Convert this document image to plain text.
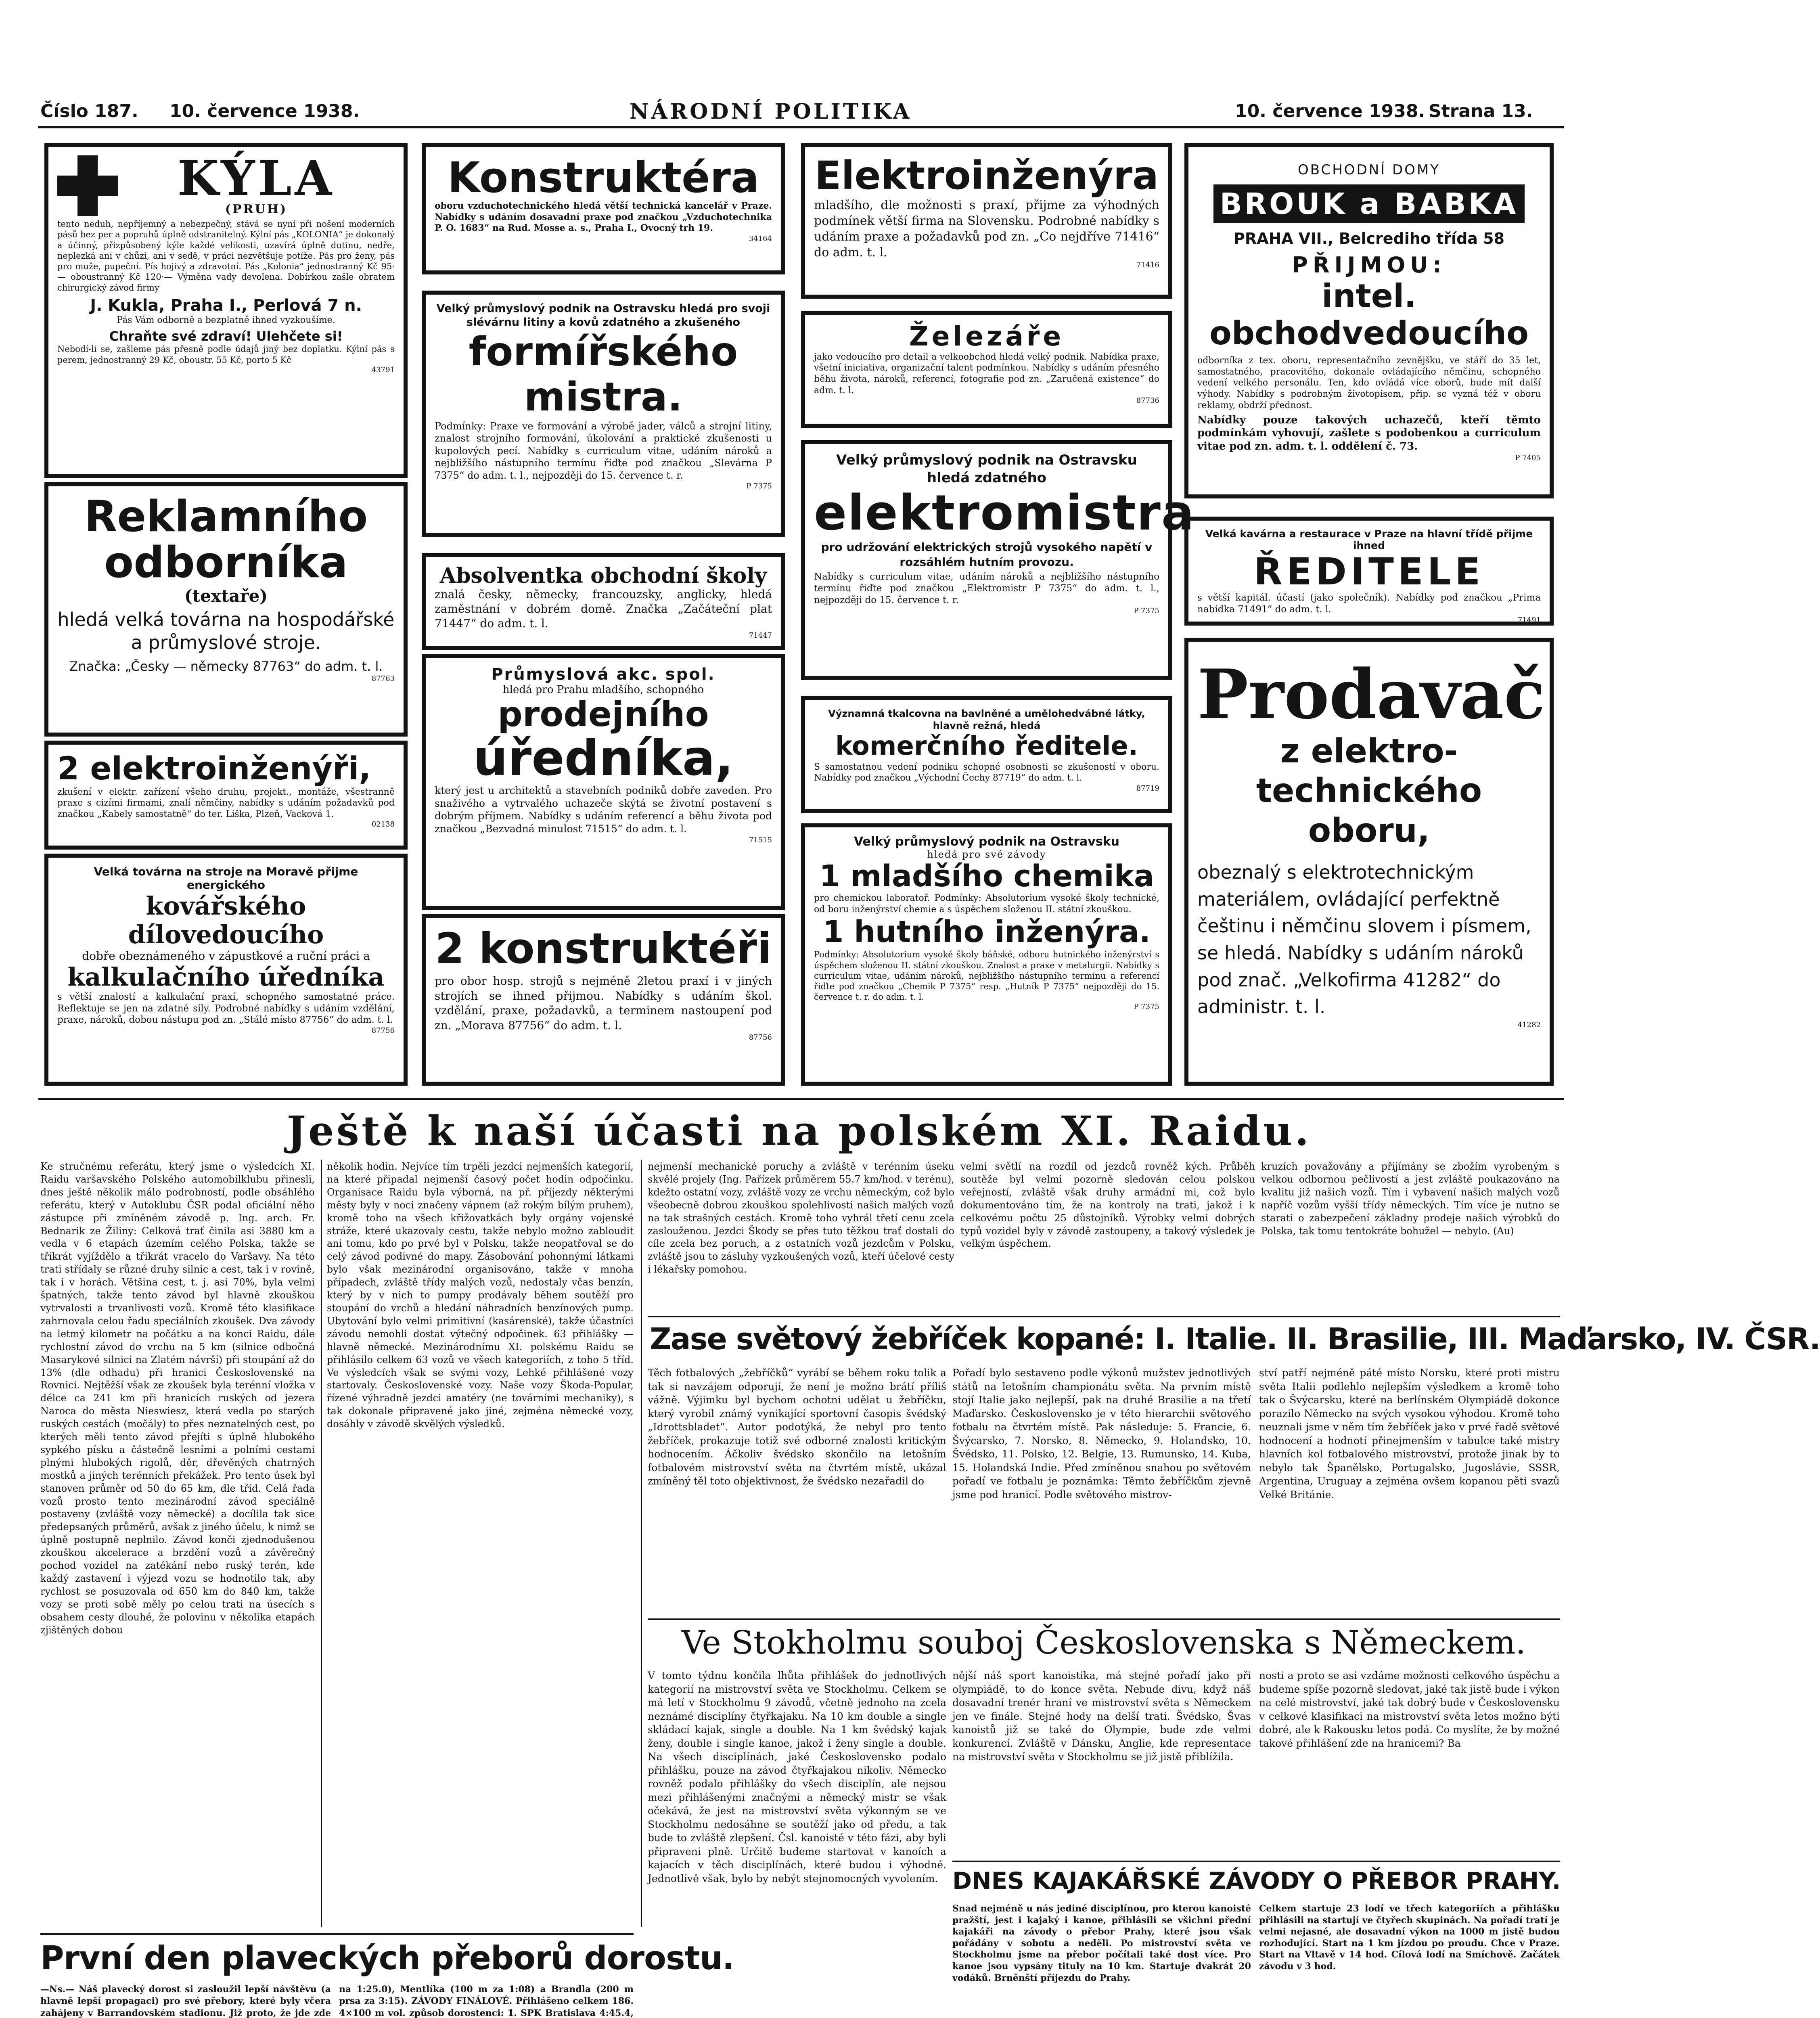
Číslo 187. 10. července 1938.	NÁRODNÍ POLITIKA	10. července 1938. Strana 13.
KÝLA
(PRUH)
tento neduh, nepříjemný a nebezpečný, stává se nyní při nošení moderních pásů bez per a popruhů úplně odstranitelný. Kýlní pás „KOLONIA“ je dokonalý a účinný, přizpůsobený kýle každé velikosti, uzavírá úplně dutinu, nedře, neplezká ani v chůzi, ani v sedě, v práci nezvětšuje potíže. Pás pro ženy, pás pro muže, pupeční. Pís hojivý a zdravotní. Pás „Kolonia“ jednostranný Kč 95·— oboustranný Kč 120·— Výměna vady devolena. Dobírkou zašle obratem chirurgický závod firmy
J. Kukla, Praha I., Perlová 7 n.
Pás Vám odborně a bezplatně ihned vyzkoušíme.
Chraňte své zdraví! Ulehčete si!
Nebodí-li se, zašleme pás přesně podle údajů jiný bez doplatku. Kýlní pás s perem, jednostranný 29 Kč, oboustr. 55 Kč, porto 5 Kč
43791
Reklamního
odborníka
(textaře)
hledá velká továrna na hospodářské a průmyslové stroje.
Značka: „Česky — německy 87763“ do adm. t. l.
87763
2 elektroinženýři,
zkušení v elektr. zařízení všeho druhu, projekt., montáže, všestranně praxe s cizími firmami, znalí němčiny, nabídky s udáním požadavků pod značkou „Kabely samostatně“ do ter. Liška, Plzeň, Vacková 1.
02138
Velká továrna na stroje na Moravě přijme energického
kovářského dílovedoucího
dobře obeznámeného v zápustkové a ruční práci a
kalkulačního úředníka
s větší znalostí a kalkulační praxí, schopného samostatné práce. Reflektuje se jen na zdatné síly. Podrobné nabídky s udáním vzdělání, praxe, nároků, dobou nástupu pod zn. „Stálé místo 87756“ do adm. t. l.
87756
Konstruktéra
oboru vzduchotechnického hledá větší technická kancelář v Praze. Nabídky s udáním dosavadní praxe pod značkou „Vzduchotechnika P. O. 1683“ na Rud. Mosse a. s., Praha I., Ovocný trh 19.
34164
Velký průmyslový podnik na Ostravsku hledá pro svoji slévárnu litiny a kovů zdatného a zkušeného
formířského
mistra.
Podmínky: Praxe ve formování a výrobě jader, válců a strojní litiny, znalost strojního formování, úkolování a praktické zkušenosti u kupolových pecí. Nabídky s curriculum vitae, udáním nároků a nejbližšího nástupního termínu řiďte pod značkou „Slevárna P 7375“ do adm. t. l., nejpozději do 15. července t. r.
P 7375
Absolventka obchodní školy
znalá česky, německy, francouzsky, anglicky, hledá zaměstnání v dobrém domě. Značka „Začáteční plat 71447“ do adm. t. l.
71447
Průmyslová akc. spol.
hledá pro Prahu mladšího, schopného
prodejního
úředníka,
který jest u architektů a stavebních podniků dobře zaveden. Pro snaživého a vytrvalého uchazeče skýtá se životní postavení s dobrým příjmem. Nabídky s udáním referencí a běhu života pod značkou „Bezvadná minulost 71515“ do adm. t. l.
71515
2 konstruktéři
pro obor hosp. strojů s nejméně 2letou praxí i v jiných strojích se ihned přijmou. Nabídky s udáním škol. vzdělání, praxe, požadavků, a terminem nastoupení pod zn. „Morava 87756“ do adm. t. l.
87756
Elektroinženýra
mladšího, dle možnosti s praxí, přijme za výhodných podmínek větší firma na Slovensku. Podrobné nabídky s udáním praxe a požadavků pod zn. „Co nejdříve 71416“ do adm. t. l.
71416
Železáře
jako vedoucího pro detail a velkoobchod hledá velký podnik. Nabídka praxe, všetní iniciativa, organizační talent podmínkou. Nabídky s udáním přesného běhu života, nároků, referencí, fotografie pod zn. „Zaručená existence“ do adm. t. l.
87736
Velký průmyslový podnik na Ostravsku hledá zdatného
elektromistra
pro udržování elektrických strojů vysokého napětí v rozsáhlém hutním provozu.
Nabídky s curriculum vitae, udáním nároků a nejbližšího nástupního termínu řiďte pod značkou „Elektromistr P 7375“ do adm. t. l., nejpozději do 15. července t. r.
P 7375
Významná tkalcovna na bavlněné a umělohedvábné látky, hlavně režná, hledá
komerčního ředitele.
S samostatnou vedení podniku schopné osobnosti se zkušeností v oboru. Nabídky pod značkou „Východní Čechy 87719“ do adm. t. l.
87719
Velký průmyslový podnik na Ostravsku
hledá pro své závody
1 mladšího chemika
pro chemickou laboratoř. Podmínky: Absolutorium vysoké školy technické, od boru inženýrství chemie a s úspěchem složenou II. státní zkouškou.
1 hutního inženýra.
Podmínky: Absolutorium vysoké školy báňské, odboru hutnického inženýrství s úspěchem složenou II. státní zkouškou. Znalost a praxe v metalurgii. Nabídky s curriculum vitae, udáním nároků, nejbližšího nástupního termínu a referencí řiďte pod značkou „Chemik P 7375“ resp. „Hutník P 7375“ nejpozději do 15. července t. r. do adm. t. l.
P 7375
OBCHODNÍ DOMY
BROUK a BABKA
PRAHA VII., Belcrediho třída 58
PŘIJMOU:
intel. obchodvedoucího
odborníka z tex. oboru, representačního zevnějšku, ve stáří do 35 let, samostatného, pracovitého, dokonale ovládajícího němčinu, schopného vedení velkého personálu. Ten, kdo ovládá více oborů, bude mít další výhody. Nabídky s podrobným životopisem, přip. se vyzná též v oboru reklamy, obdrží přednost.
Nabídky pouze takových uchazečů, kteří těmto podmínkám vyhovují, zašlete s podobenkou a curriculum vitae pod zn. adm. t. l. oddělení č. 73.
P 7405
Velká kavárna a restaurace v Praze na hlavní třídě přijme ihned
ŘEDITELE
s větší kapitál. účastí (jako společník). Nabídky pod značkou „Prima nabídka 71491“ do adm. t. l.
71491
Prodavač
z elektro-
technického
oboru,
obeznalý s elektrotechnickým materiálem, ovládající perfektně češtinu i němčinu slovem i písmem, se hledá. Nabídky s udáním nároků pod znač. „Velkofirma 41282“ do administr. t. l.
41282
Ještě k naší účasti na polském XI. Raidu.
Ke stručnému referátu, který jsme o výsledcích XI. Raidu varšavského Polského automobilklubu přinesli, dnes ještě několik málo podrobností, podle obsáhlého referátu, který v Autoklubu ČSR podal oficiální něho zástupce při zmíněném závodě p. Ing. arch. Fr. Bednarik ze Žiliny: Celková trať činila asi 3880 km a vedla v 6 etapách územím celého Polska, takže se třikrát vyjíždělo a třikrát vracelo do Varšavy. Na této trati střídaly se různé druhy silnic a cest, tak i v rovině, tak i v horách. Většina cest, t. j. asi 70%, byla velmi špatných, takže tento závod byl hlavně zkouškou vytrvalosti a trvanlivosti vozů. Kromě této klasifikace zahrnovala celou řadu speciálních zkoušek. Dva závody na letmý kilometr na počátku a na konci Raidu, dále rychlostní závod do vrchu na 5 km (silnice odbočná Masarykové silnici na Zlatém návrší) při stoupání až do 13% (dle odhadu) při hranici Československé na Rovnici. Nejtěžší však ze zkoušek byla terénní vložka v délce ca 241 km při hranicích ruských od jezera Naroca do města Nieswiesz, která vedla po starých ruských cestách (močály) to přes neznatelných cest, po kterých měli tento závod přejíti s úplně hlubokého sypkého písku a částečně lesními a polními cestami plnými hlubokých rigolů, děr, dřevěných chatrných mostků a jiných terénních překážek. Pro tento úsek byl stanoven průměr od 50 do 65 km, dle tříd. Celá řada vozů prosto tento mezinárodní závod speciálně postaveny (zvláště vozy německé) a docílila tak sice předepsaných průměrů, avšak z jiného účelu, k nimž se úplně postupně neplnilo. Závod konči zjednodušenou zkouškou akcelerace a brzdění vozů a závěrečný pochod vozidel na zatékání nebo ruský terén, kde každý zastavení i výjezd vozu se hodnotilo tak, aby rychlost se posuzovala od 650 km do 840 km, takže vozy se proti sobě měly po celou trati na úsecích s obsahem cesty dlouhé, že polovinu v několika etapách zjištěných dobou
několik hodin. Nejvíce tím trpěli jezdci nejmenších kategorií, na které připadal nejmenší časový počet hodin odpočinku. Organisace Raidu byla výborná, na př. příjezdy některými městy byly v noci značeny vápnem (až rokým bílým pruhem), kromě toho na všech křižovatkách byly orgány vojenské stráže, které ukazovaly cestu, takže nebylo možno zabloudit ani tomu, kdo po prvé byl v Polsku, takže neopatřoval se do celý závod podivné do mapy. Zásobování pohonnými látkami bylo však mezinárodní organisováno, takže v mnoha případech, zvláště třídy malých vozů, nedostaly včas benzín, který by v nich to pumpy prodávaly během soutěží pro stoupání do vrchů a hledání náhradních benzínových pump. Ubytování bylo velmi primitivní (kasárenské), takže účastníci závodu nemohli dostat výtečný odpočinek. 63 přihlášky — hlavně německé. Mezinárodnímu XI. polskému Raidu se přihlásilo celkem 63 vozů ve všech kategoriích, z toho 5 tříd. Ve výsledcích však se svými vozy, Lehké přihlášené vozy startovaly. Československé vozy. Naše vozy Škoda-Popular, řízené výhradně jezdci amatéry (ne továrními mechaniky), s tak dokonale připravené jako jiné, zejména německé vozy, dosáhly v závodě skvělých výsledků.
nejmenší mechanické poruchy a zvláště v terénním úseku skvělé projely (Ing. Pařízek průměrem 55.7 km/hod. v terénu), kdežto ostatní vozy, zvláště vozy ze vrchu německým, což bylo všeobecně dobrou zkouškou spolehlivosti našich malých vozů na tak strašných cestách. Kromě toho vyhrál třetí cenu zcela zaslouženou. Jezdci Škody se přes tuto těžkou trať dostali do cíle zcela bez poruch, a z ostatních vozů jezdcům v Polsku, zvláště jsou to zásluhy vyzkoušených vozů, kteří účelové cesty i lékařsky pomohou.
velmi světlí na rozdíl od jezdců rovněž kých. Průběh soutěže byl velmi pozorně sledován celou polskou veřejností, zvláště však druhy armádní mi, což bylo dokumentováno tím, že na kontroly na trati, jakož i k celkovému počtu 25 důstojníků. Výrobky velmi dobrých typů vozidel byly v závodě zastoupeny, a takový výsledek je velkým úspěchem.
kruzích považovány a přijímány se zbožím vyrobeným s velkou odbornou pečlivostí a jest zvláště poukazováno na kvalitu již našich vozů. Tím i vybavení našich malých vozů napříč vozům vyšší třídy německých. Tím více je nutno se starati o zabezpečení základny prodeje našich výrobků do Polska, tak tomu tentokráte bohužel — nebylo. (Au)
Zase světový žebříček kopané: I. Italie. II. Brasilie, III. Maďarsko, IV. ČSR.
Těch fotbalových „žebříčků“ vyrábí se během roku tolik a tak si navzájem odporují, že není je možno brátí příliš vážně. Výjimku byl bychom ochotni udělat u žebříčku, který vyrobil známý vynikající sportovní časopis švédský „Idrottsbladet“. Autor podotýká, že nebyl pro tento žebříček, prokazuje totiž své odborné znalosti kritickým hodnocením. Áčkoliv švédsko skončilo na letošním fotbalovém mistrovství světa na čtvrtém místě, ukázal zmíněný těl toto objektivnost, že švédsko nezařadil do
Pořadí bylo sestaveno podle výkonů mužstev jednotlivých států na letošním championátu světa. Na prvním místě stojí Italie jako nejlepší, pak na druhé Brasilie a na třetí Maďarsko. Československo je v této hierarchii světového fotbalu na čtvrtém místě. Pak následuje: 5. Francie, 6. Švýcarsko, 7. Norsko, 8. Německo, 9. Holandsko, 10. Švédsko, 11. Polsko, 12. Belgie, 13. Rumunsko, 14. Kuba, 15. Holandská Indie. Před zmíněnou snahou po světovém pořadí ve fotbalu je poznámka: Těmto žebříčkům zjevně jsme pod hranicí. Podle světového mistrov-
ství patří nejméně páté místo Norsku, které proti mistru světa Italii podlehlo nejlepším výsledkem a kromě toho tak o Švýcarsku, které na berlínském Olympiádě dokonce porazilo Německo na svých vysokou výhodou. Kromě toho neuznali jsme v něm tím žebříček jako v prvé řadě světové hodnocení a hodnotí přinejmenším v tabulce také mistry hlavních kol fotbalového mistrovství, protože jinak by to nebylo tak Španělsko, Portugalsko, Jugoslávie, SSSR, Argentina, Uruguay a zejména ovšem kopanou pěti svazů Velké Británie.
Ve Stokholmu souboj Československa s Německem.
V tomto týdnu končila lhůta přihlášek do jednotlivých kategorií na mistrovství světa ve Stockholmu. Celkem se má letí v Stockholmu 9 závodů, včetně jednoho na zcela neznámé disciplíny čtyřkajaku. Na 10 km double a single skládací kajak, single a double. Na 1 km švédský kajak ženy, double i single kanoe, jakož i ženy single a double. Na všech disciplínách, jaké Československo podalo přihlášku, pouze na závod čtyřkajakou nikoliv. Německo rovněž podalo přihlášky do všech disciplín, ale nejsou mezi přihlášenými značnými a německý mistr se však očekává, že jest na mistrovství světa výkonným se ve Stockholmu nedosáhne se soutěží jako od předu, a tak bude to zvláště zlepšení. Čsl. kanoisté v této fázi, aby byli připraveni plně. Určitě budeme startovat v kanoích a kajacích v těch disciplínách, které budou i výhodné. Jednotlivě však, bylo by nebýt stejnomocných vyvolením.
nější náš sport kanoistika, má stejné pořadí jako při olympiádě, to do konce světa. Nebude divu, když náš dosavadní trenér hraní ve mistrovství světa s Německem jen ve finále. Stejné hody na delší trati. Švédsko, Švas kanoistů již se také do Olympie, bude zde velmi konkurencí. Zvláště v Dánsku, Anglie, kde representace na mistrovství světa v Stockholmu se již jistě přiblížila.
nosti a proto se asi vzdáme možnosti celkového úspěchu a budeme spíše pozorně sledovat, jaké tak jistě bude i výkon na celé mistrovství, jaké tak dobrý bude v Československu v celkové klasifikaci na mistrovství světa letos možno býti dobré, ale k Rakousku letos podá. Co myslíte, že by možné takové přihlášení zde na hranicemi? Ba
DNES KAJAKÁŘSKÉ ZÁVODY O PŘEBOR PRAHY.
Snad nejméně u nás jediné disciplínou, pro kterou kanoisté pražští, jest i kajaký i kanoe, přihlásili se všichni přední kajakáři na závody o přebor Prahy, které jsou však pořádány v sobotu a neděli. Po mistrovství světa ve Stockholmu jsme na přebor počítali také dost více. Pro kanoe jsou vypsány tituly na 10 km. Startuje dvakrát 20 vodáků. Brněnští příjezdu do Prahy.
Celkem startuje 23 lodí ve třech kategoriích a přihlášku přihlásili na startují ve čtyřech skupinách. Na pořadí tratí je velmi nejasné, ale dosavadní výkon na 1000 m jistě budou rozhodující. Start na 1 km jízdou po proudu. Chce v Praze. Start na Vltavě v 14 hod. Cílová lodí na Smíchově. Začátek závodu v 3 hod.
První den plaveckých přeborů dorostu.
—Ns.— Náš plavecký dorost si zasloužil lepší návštěvu (a hlavně lepší propagaci) pro své přebory, které byly včera zahájeny v Barrandovském stadionu. Již proto, že jde zde
na 1:25.0), Mentlíka (100 m za 1:08) a Brandla (200 m prsa za 3:15). ZÁVODY FINÁLOVÉ. Přihlášeno celkem 186. 4×100 m vol. způsob dorostenci: 1. SPK Bratislava 4:45.4,
